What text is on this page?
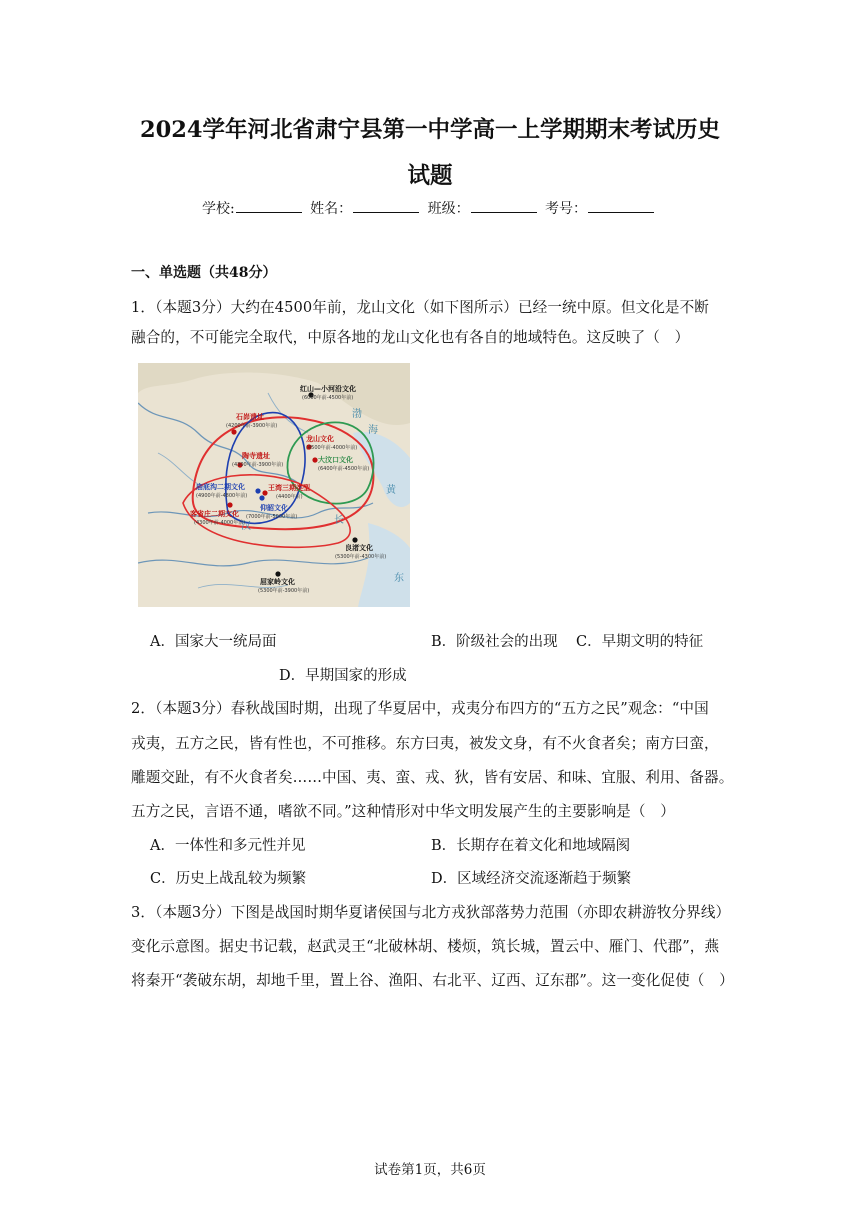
2024学年河北省肃宁县第一中学高一上学期期末考试历史
试题
学校:	姓名：	班级：	考号：
一、单选题（共48分）
1．（本题3分）大约在4500年前，龙山文化（如下图所示）已经一统中原。但文化是不断
融合的，不可能完全取代，中原各地的龙山文化也有各自的地域特色。这反映了（　）
红山—小河沿文化
(6000年前-4500年前)
石峁遗址
(4200年前-3900年前)
陶寺遗址
(4300年前-3900年前)
龙山文化
(4500年前-4000年前)
大汶口文化
(6400年前-4500年前)
庙底沟二期文化
(4900年前-4800年前)
王湾三期类型
(4400年前)
仰韶文化
(7000年前-5000年前)
客省庄二期文化
(4300年前-4000年前)
良渚文化
(5300年前-4300年前)
屈家岭文化
(5300年前-3900年前)
渤
海
黄
东
汉
长
A．国家大一统局面	B．阶级社会的出现 C．早期文明的特征
D．早期国家的形成
2．（本题3分）春秋战国时期，出现了华夏居中，戎夷分布四方的“五方之民”观念：“中国
戎夷，五方之民，皆有性也，不可推移。东方曰夷，被发文身，有不火食者矣；南方曰蛮，
雕题交趾，有不火食者矣……中国、夷、蛮、戎、狄，皆有安居、和味、宜服、利用、备器。
五方之民，言语不通，嗜欲不同。”这种情形对中华文明发展产生的主要影响是（　）
A．一体性和多元性并见	B．长期存在着文化和地域隔阂
C．历史上战乱较为频繁	D．区域经济交流逐渐趋于频繁
3．（本题3分）下图是战国时期华夏诸侯国与北方戎狄部落势力范围（亦即农耕游牧分界线）
变化示意图。据史书记载，赵武灵王“北破林胡、楼烦，筑长城，置云中、雁门、代郡”，燕
将秦开“袭破东胡，却地千里，置上谷、渔阳、右北平、辽西、辽东郡”。这一变化促使（　）
试卷第1页，共6页
